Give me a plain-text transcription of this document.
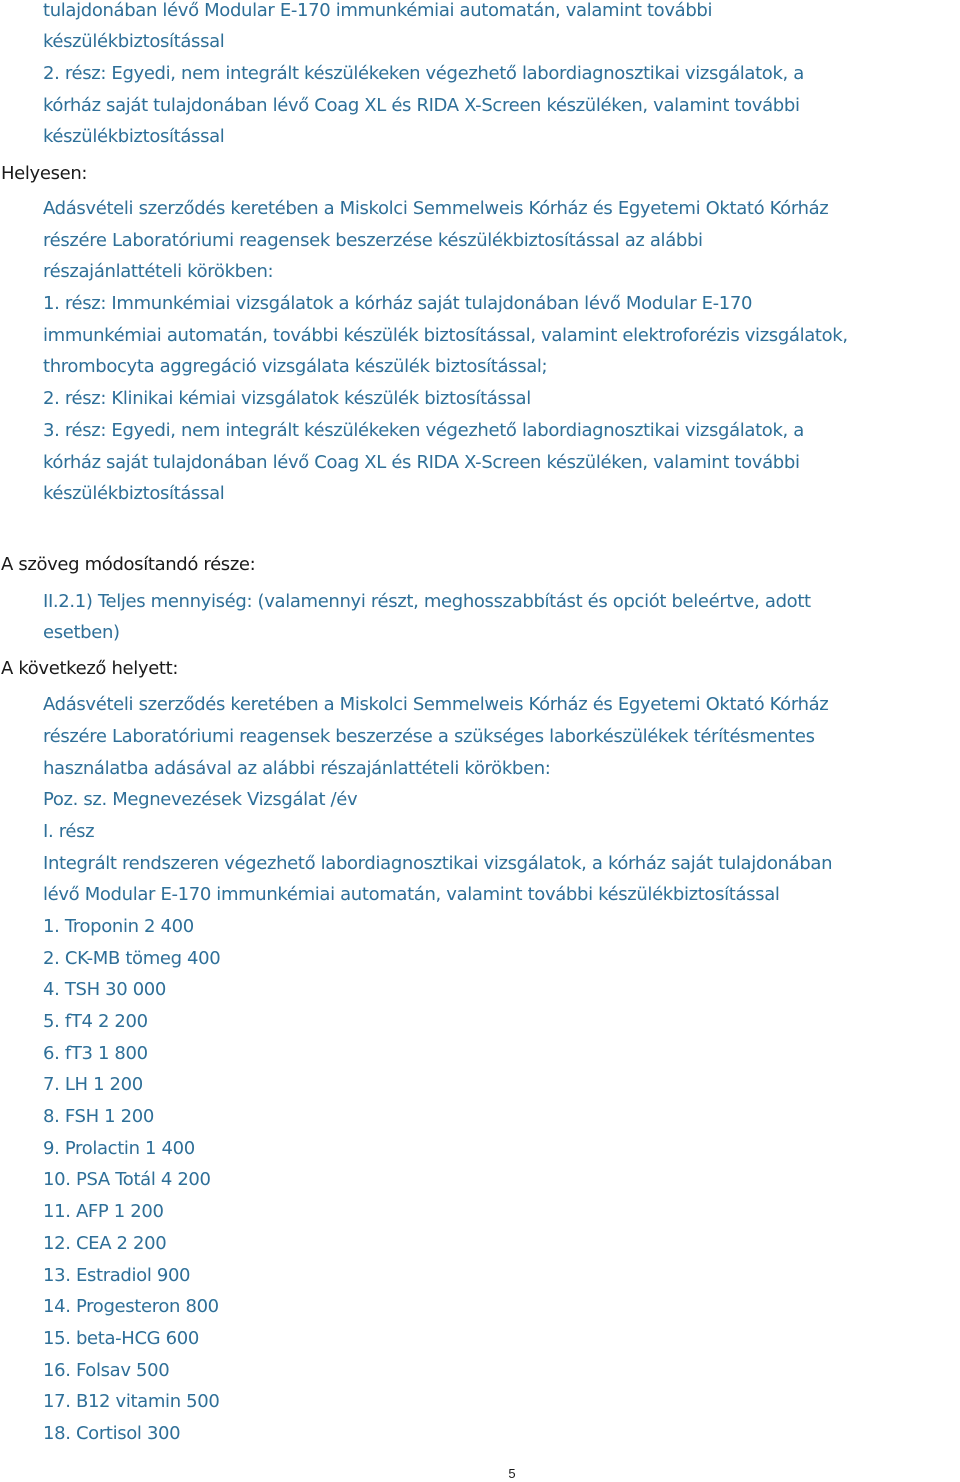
tulajdonában lévő Modular E-170 immunkémiai automatán, valamint további
készülékbiztosítással
2. rész: Egyedi, nem integrált készülékeken végezhető labordiagnosztikai vizsgálatok, a
kórház saját tulajdonában lévő Coag XL és RIDA X-Screen készüléken, valamint további
készülékbiztosítással
Helyesen:
Adásvételi szerződés keretében a Miskolci Semmelweis Kórház és Egyetemi Oktató Kórház
részére Laboratóriumi reagensek beszerzése készülékbiztosítással az alábbi
részajánlattételi körökben:
1. rész: Immunkémiai vizsgálatok a kórház saját tulajdonában lévő Modular E-170
immunkémiai automatán, további készülék biztosítással, valamint elektroforézis vizsgálatok,
thrombocyta aggregáció vizsgálata készülék biztosítással;
2. rész: Klinikai kémiai vizsgálatok készülék biztosítással
3. rész: Egyedi, nem integrált készülékeken végezhető labordiagnosztikai vizsgálatok, a
kórház saját tulajdonában lévő Coag XL és RIDA X-Screen készüléken, valamint további
készülékbiztosítással
A szöveg módosítandó része:
II.2.1) Teljes mennyiség: (valamennyi részt, meghosszabbítást és opciót beleértve, adott
esetben)
A következő helyett:
Adásvételi szerződés keretében a Miskolci Semmelweis Kórház és Egyetemi Oktató Kórház
részére Laboratóriumi reagensek beszerzése a szükséges laborkészülékek térítésmentes
használatba adásával az alábbi részajánlattételi körökben:
Poz. sz. Megnevezések Vizsgálat /év
I. rész
Integrált rendszeren végezhető labordiagnosztikai vizsgálatok, a kórház saját tulajdonában
lévő Modular E-170 immunkémiai automatán, valamint további készülékbiztosítással
1. Troponin 2 400
2. CK-MB tömeg 400
4. TSH 30 000
5. fT4 2 200
6. fT3 1 800
7. LH 1 200
8. FSH 1 200
9. Prolactin 1 400
10. PSA Totál 4 200
11. AFP 1 200
12. CEA 2 200
13. Estradiol 900
14. Progesteron 800
15. beta-HCG 600
16. Folsav 500
17. B12 vitamin 500
18. Cortisol 300
5
